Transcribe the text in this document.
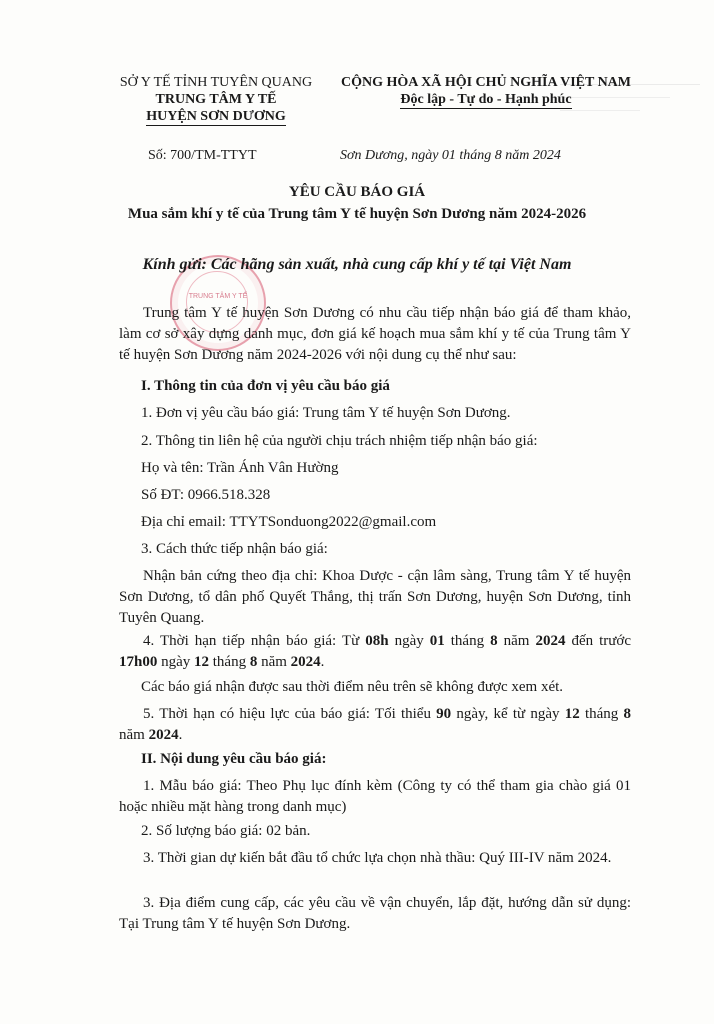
SỞ Y TẾ TỈNH TUYÊN QUANG
TRUNG TÂM Y TẾ
HUYỆN SƠN DƯƠNG
CỘNG HÒA XÃ HỘI CHỦ NGHĨA VIỆT NAM
Độc lập - Tự do - Hạnh phúc
Số: 700/TM-TTYT	Sơn Dương, ngày 01 tháng 8 năm 2024
YÊU CẦU BÁO GIÁ
Mua sắm khí y tế của Trung tâm Y tế huyện Sơn Dương năm 2024-2026
TRUNG TÂM Y TẾ
Kính gửi: Các hãng sản xuất, nhà cung cấp khí y tế tại Việt Nam
Trung tâm Y tế huyện Sơn Dương có nhu cầu tiếp nhận báo giá để tham khảo, làm cơ sở xây dựng danh mục, đơn giá kế hoạch mua sắm khí y tế của Trung tâm Y tế huyện Sơn Dương năm 2024-2026 với nội dung cụ thể như sau:
I. Thông tin của đơn vị yêu cầu báo giá
1. Đơn vị yêu cầu báo giá: Trung tâm Y tế huyện Sơn Dương.
2. Thông tin liên hệ của người chịu trách nhiệm tiếp nhận báo giá:
Họ và tên: Trần Ánh Vân Hường
Số ĐT: 0966.518.328
Địa chỉ email: TTYTSonduong2022@gmail.com
3. Cách thức tiếp nhận báo giá:
Nhận bản cứng theo địa chỉ: Khoa Dược - cận lâm sàng, Trung tâm Y tế huyện Sơn Dương, tổ dân phố Quyết Thắng, thị trấn Sơn Dương, huyện Sơn Dương, tỉnh Tuyên Quang.
4. Thời hạn tiếp nhận báo giá: Từ 08h ngày 01 tháng 8 năm 2024 đến trước 17h00 ngày 12 tháng 8 năm 2024.
Các báo giá nhận được sau thời điểm nêu trên sẽ không được xem xét.
5. Thời hạn có hiệu lực của báo giá: Tối thiểu 90 ngày, kể từ ngày 12 tháng 8 năm 2024.
II. Nội dung yêu cầu báo giá:
1. Mẫu báo giá: Theo Phụ lục đính kèm (Công ty có thể tham gia chào giá 01 hoặc nhiều mặt hàng trong danh mục)
2. Số lượng báo giá: 02 bản.
3. Thời gian dự kiến bắt đầu tổ chức lựa chọn nhà thầu: Quý III-IV năm 2024.
3. Địa điểm cung cấp, các yêu cầu về vận chuyển, lắp đặt, hướng dẫn sử dụng: Tại Trung tâm Y tế huyện Sơn Dương.
